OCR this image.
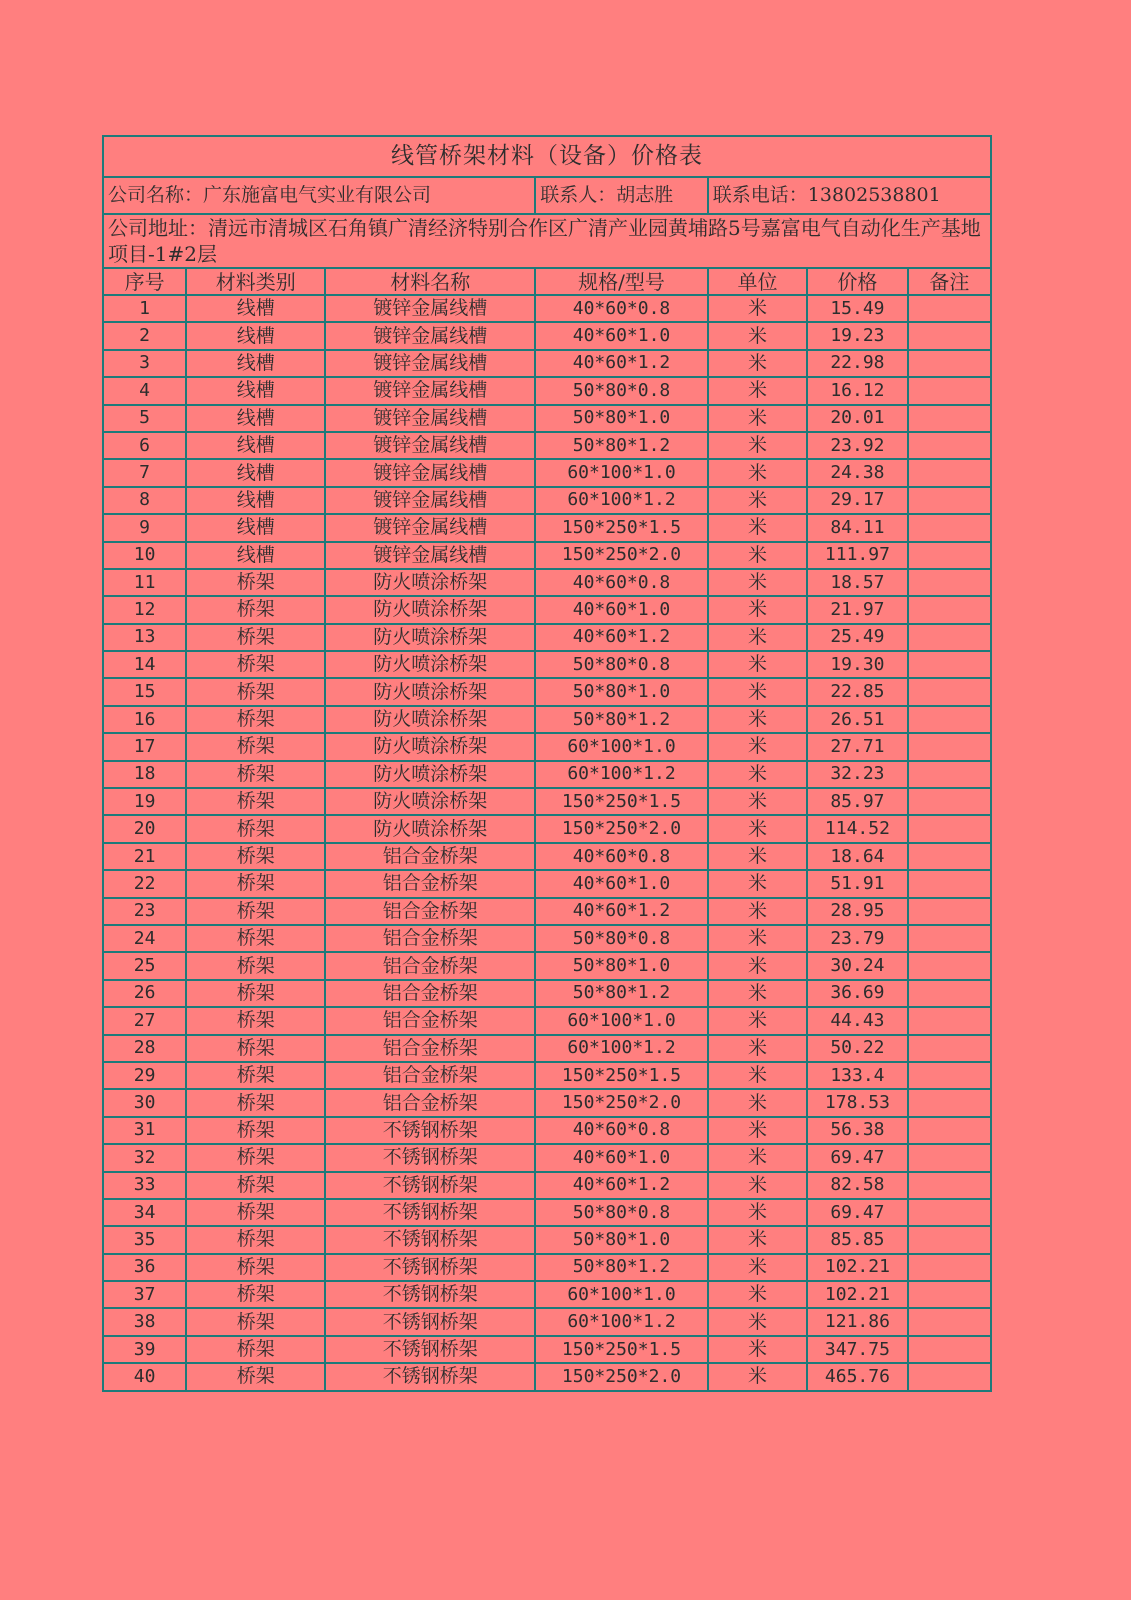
线管桥架材料（设备）价格表						
公司名称：广东施富电气实业有限公司			联系人：胡志胜	联系电话：13802538801		
公司地址：清远市清城区石角镇广清经济特别合作区广清产业园黄埔路5号嘉富电气自动化生产基地项目-1#2层						
序号	材料类别	材料名称	规格/型号	单位	价格	备注
1	线槽	镀锌金属线槽	40*60*0.8	米	15.49	
2	线槽	镀锌金属线槽	40*60*1.0	米	19.23	
3	线槽	镀锌金属线槽	40*60*1.2	米	22.98	
4	线槽	镀锌金属线槽	50*80*0.8	米	16.12	
5	线槽	镀锌金属线槽	50*80*1.0	米	20.01	
6	线槽	镀锌金属线槽	50*80*1.2	米	23.92	
7	线槽	镀锌金属线槽	60*100*1.0	米	24.38	
8	线槽	镀锌金属线槽	60*100*1.2	米	29.17	
9	线槽	镀锌金属线槽	150*250*1.5	米	84.11	
10	线槽	镀锌金属线槽	150*250*2.0	米	111.97	
11	桥架	防火喷涂桥架	40*60*0.8	米	18.57	
12	桥架	防火喷涂桥架	40*60*1.0	米	21.97	
13	桥架	防火喷涂桥架	40*60*1.2	米	25.49	
14	桥架	防火喷涂桥架	50*80*0.8	米	19.30	
15	桥架	防火喷涂桥架	50*80*1.0	米	22.85	
16	桥架	防火喷涂桥架	50*80*1.2	米	26.51	
17	桥架	防火喷涂桥架	60*100*1.0	米	27.71	
18	桥架	防火喷涂桥架	60*100*1.2	米	32.23	
19	桥架	防火喷涂桥架	150*250*1.5	米	85.97	
20	桥架	防火喷涂桥架	150*250*2.0	米	114.52	
21	桥架	铝合金桥架	40*60*0.8	米	18.64	
22	桥架	铝合金桥架	40*60*1.0	米	51.91	
23	桥架	铝合金桥架	40*60*1.2	米	28.95	
24	桥架	铝合金桥架	50*80*0.8	米	23.79	
25	桥架	铝合金桥架	50*80*1.0	米	30.24	
26	桥架	铝合金桥架	50*80*1.2	米	36.69	
27	桥架	铝合金桥架	60*100*1.0	米	44.43	
28	桥架	铝合金桥架	60*100*1.2	米	50.22	
29	桥架	铝合金桥架	150*250*1.5	米	133.4	
30	桥架	铝合金桥架	150*250*2.0	米	178.53	
31	桥架	不锈钢桥架	40*60*0.8	米	56.38	
32	桥架	不锈钢桥架	40*60*1.0	米	69.47	
33	桥架	不锈钢桥架	40*60*1.2	米	82.58	
34	桥架	不锈钢桥架	50*80*0.8	米	69.47	
35	桥架	不锈钢桥架	50*80*1.0	米	85.85	
36	桥架	不锈钢桥架	50*80*1.2	米	102.21	
37	桥架	不锈钢桥架	60*100*1.0	米	102.21	
38	桥架	不锈钢桥架	60*100*1.2	米	121.86	
39	桥架	不锈钢桥架	150*250*1.5	米	347.75	
40	桥架	不锈钢桥架	150*250*2.0	米	465.76	
